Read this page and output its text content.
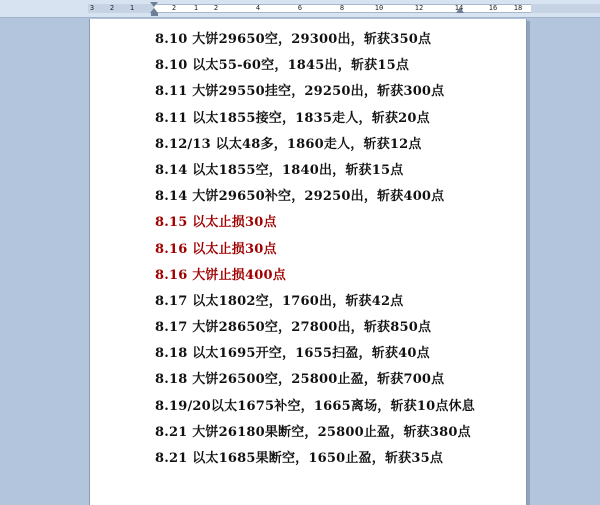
3 2 1	2	1 2	4	6	8	10	12	14	16 18
8.10 大饼29650空，29300出，斩获350点
8.10 以太55-60空，1845出，斩获15点
8.11 大饼29550挂空，29250出，斩获300点
8.11 以太1855接空，1835走人，斩获20点
8.12/13 以太48多，1860走人，斩获12点
8.14 以太1855空，1840出，斩获15点
8.14 大饼29650补空，29250出，斩获400点
8.15 以太止损30点
8.16 以太止损30点
8.16 大饼止损400点
8.17 以太1802空，1760出，斩获42点
8.17 大饼28650空，27800出，斩获850点
8.18 以太1695开空，1655扫盈，斩获40点
8.18 大饼26500空，25800止盈，斩获700点
8.19/20以太1675补空，1665离场，斩获10点休息
8.21 大饼26180果断空，25800止盈，斩获380点
8.21 以太1685果断空，1650止盈，斩获35点
